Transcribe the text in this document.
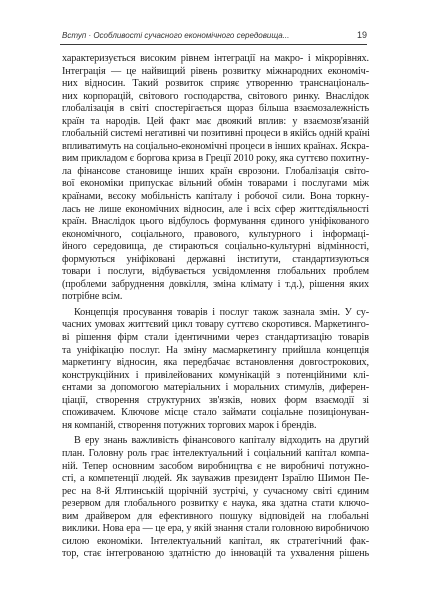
Вступ · Особливості сучасного економічного середовища...	19
характеризується високим рівнем інтеграції на макро- і мікрорівнях.
Інтеграція — це найвищий рівень розвитку міжнародних економіч-
них відносин. Такий розвиток сприяє утворенню транснаціональ-
них корпорацій, світового господарства, світового ринку. Внаслідок
глобалізація в світі спостерігається щораз більша взаємозалежність
країн та народів. Цей факт має двоякий вплив: у взаємозв'язаній
глобальній системі негативні чи позитивні процеси в якійсь одній країні
впливатимуть на соціально-економічні процеси в інших країнах. Яскра-
вим прикладом є боргова криза в Греції 2010 року, яка суттєво похитну-
ла фінансове становище інших країн єврозони. Глобалізація світо-
вої економіки припускає вільний обмін товарами і послугами між
країнами, вєсоку мобільність капіталу і робочої сили. Вона торкну-
лась не лише економічних відносин, але і всіх сфер життєдіяльності
країн. Внаслідок цього відбулось формування єдиного уніфікованого
економічного, соціального, правового, культурного і інформаці-
йного середовища, де стираються соціально-культурні відмінності,
формуються уніфіковані державні інститути, стандартизуються
товари і послуги, відбувається усвідомлення глобальних проблем
(проблеми забруднення довкілля, зміна клімату і т.д.), рішення яких
потрібне всім.
Концепція просування товарів і послуг також зазнала змін. У су-
часних умовах життєвий цикл товару суттєво скоротився. Маркетинго-
ві рішення фірм стали ідентичними через стандартизацію товарів
та уніфікацію послуг. На зміну масмаркетингу прийшла концепція
маркетингу відносин, яка передбачає встановлення довгострокових,
конструкційних і привілейованих комунікацій з потенційними клі-
єнтами за допомогою матеріальних і моральних стимулів, диферен-
ціації, створення структурних зв'язків, нових форм взаємодії зі
споживачем. Ключове місце стало займати соціальне позиціонуван-
ня компаній, створення потужних торгових марок і брендів.
В еру знань важливість фінансового капіталу відходить на другий
план. Головну роль грає інтелектуальний і соціальний капітал компа-
ній. Тепер основним засобом виробництва є не виробничі потужно-
сті, а компетенції людей. Як зауважив президент Ізраїлю Шимон Пе-
рес на 8-й Ялтинській щорічній зустрічі, у сучасному світі єдиним
резервом для глобального розвитку є наука, яка здатна стати ключо-
вим драйвером для ефективного пошуку відповідей на глобальні
виклики. Нова ера — це ера, у якій знання стали головною виробничою
силою економіки. Інтелектуальний капітал, як стратегічний фак-
тор, стає інтегрованою здатністю до інновацій та ухвалення рішень
